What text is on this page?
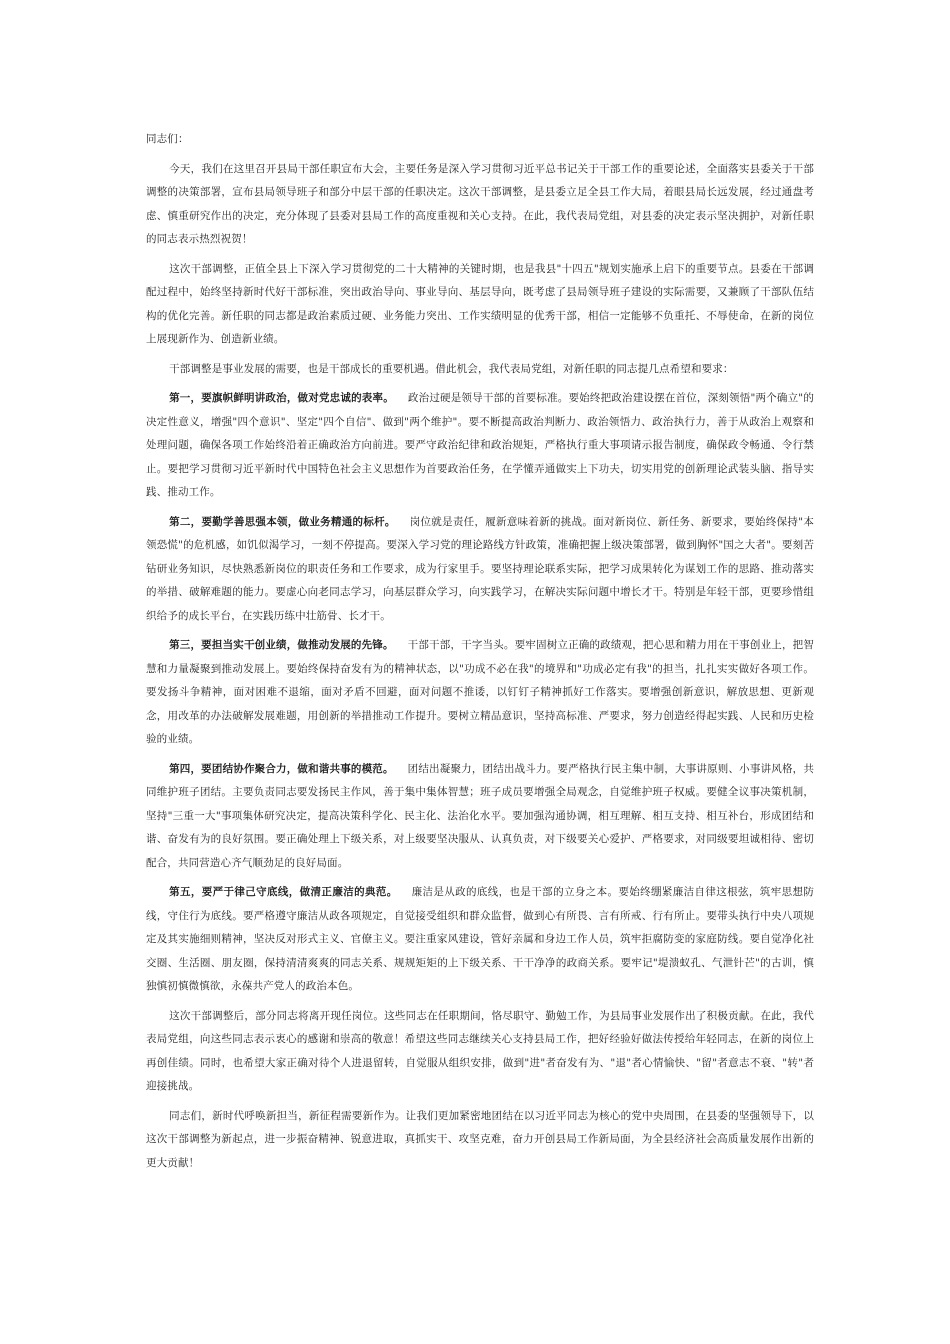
同志们：

今天，我们在这里召开县局干部任职宣布大会，主要任务是深入学习贯彻习近平总书记关于干部工作的重要论述，全面落实县委关于干部调整的决策部署，宣布县局领导班子和部分中层干部的任职决定。这次干部调整，是县委立足全县工作大局，着眼县局长远发展，经过通盘考虑、慎重研究作出的决定，充分体现了县委对县局工作的高度重视和关心支持。在此，我代表局党组，对县委的决定表示坚决拥护，对新任职的同志表示热烈祝贺！

这次干部调整，正值全县上下深入学习贯彻党的二十大精神的关键时期，也是我县"十四五"规划实施承上启下的重要节点。县委在干部调配过程中，始终坚持新时代好干部标准，突出政治导向、事业导向、基层导向，既考虑了县局领导班子建设的实际需要，又兼顾了干部队伍结构的优化完善。新任职的同志都是政治素质过硬、业务能力突出、工作实绩明显的优秀干部，相信一定能够不负重托、不辱使命，在新的岗位上展现新作为、创造新业绩。

干部调整是事业发展的需要，也是干部成长的重要机遇。借此机会，我代表局党组，对新任职的同志提几点希望和要求：

第一，要旗帜鲜明讲政治，做对党忠诚的表率。 政治过硬是领导干部的首要标准。要始终把政治建设摆在首位，深刻领悟"两个确立"的决定性意义，增强"四个意识"、坚定"四个自信"、做到"两个维护"。要不断提高政治判断力、政治领悟力、政治执行力，善于从政治上观察和处理问题，确保各项工作始终沿着正确政治方向前进。要严守政治纪律和政治规矩，严格执行重大事项请示报告制度，确保政令畅通、令行禁止。要把学习贯彻习近平新时代中国特色社会主义思想作为首要政治任务，在学懂弄通做实上下功夫，切实用党的创新理论武装头脑、指导实践、推动工作。

第二，要勤学善思强本领，做业务精通的标杆。 岗位就是责任，履新意味着新的挑战。面对新岗位、新任务、新要求，要始终保持"本领恐慌"的危机感，如饥似渴学习，一刻不停提高。要深入学习党的理论路线方针政策，准确把握上级决策部署，做到胸怀"国之大者"。要刻苦钻研业务知识，尽快熟悉新岗位的职责任务和工作要求，成为行家里手。要坚持理论联系实际，把学习成果转化为谋划工作的思路、推动落实的举措、破解难题的能力。要虚心向老同志学习，向基层群众学习，向实践学习，在解决实际问题中增长才干。特别是年轻干部，更要珍惜组织给予的成长平台，在实践历练中壮筋骨、长才干。

第三，要担当实干创业绩，做推动发展的先锋。 干部干部，干字当头。要牢固树立正确的政绩观，把心思和精力用在干事创业上，把智慧和力量凝聚到推动发展上。要始终保持奋发有为的精神状态，以"功成不必在我"的境界和"功成必定有我"的担当，扎扎实实做好各项工作。要发扬斗争精神，面对困难不退缩，面对矛盾不回避，面对问题不推诿，以钉钉子精神抓好工作落实。要增强创新意识，解放思想、更新观念，用改革的办法破解发展难题，用创新的举措推动工作提升。要树立精品意识，坚持高标准、严要求，努力创造经得起实践、人民和历史检验的业绩。

第四，要团结协作聚合力，做和谐共事的模范。 团结出凝聚力，团结出战斗力。要严格执行民主集中制，大事讲原则、小事讲风格，共同维护班子团结。主要负责同志要发扬民主作风，善于集中集体智慧；班子成员要增强全局观念，自觉维护班子权威。要健全议事决策机制，坚持"三重一大"事项集体研究决定，提高决策科学化、民主化、法治化水平。要加强沟通协调，相互理解、相互支持、相互补台，形成团结和谐、奋发有为的良好氛围。要正确处理上下级关系，对上级要坚决服从、认真负责，对下级要关心爱护、严格要求，对同级要坦诚相待、密切配合，共同营造心齐气顺劲足的良好局面。

第五，要严于律己守底线，做清正廉洁的典范。 廉洁是从政的底线，也是干部的立身之本。要始终绷紧廉洁自律这根弦，筑牢思想防线，守住行为底线。要严格遵守廉洁从政各项规定，自觉接受组织和群众监督，做到心有所畏、言有所戒、行有所止。要带头执行中央八项规定及其实施细则精神，坚决反对形式主义、官僚主义。要注重家风建设，管好亲属和身边工作人员，筑牢拒腐防变的家庭防线。要自觉净化社交圈、生活圈、朋友圈，保持清清爽爽的同志关系、规规矩矩的上下级关系、干干净净的政商关系。要牢记"堤溃蚁孔、气泄针芒"的古训，慎独慎初慎微慎欲，永葆共产党人的政治本色。

这次干部调整后，部分同志将离开现任岗位。这些同志在任职期间，恪尽职守、勤勉工作，为县局事业发展作出了积极贡献。在此，我代表局党组，向这些同志表示衷心的感谢和崇高的敬意！希望这些同志继续关心支持县局工作，把好经验好做法传授给年轻同志，在新的岗位上再创佳绩。同时，也希望大家正确对待个人进退留转，自觉服从组织安排，做到"进"者奋发有为、"退"者心情愉快、"留"者意志不衰、"转"者迎接挑战。

同志们，新时代呼唤新担当，新征程需要新作为。让我们更加紧密地团结在以习近平同志为核心的党中央周围，在县委的坚强领导下，以这次干部调整为新起点，进一步振奋精神、锐意进取，真抓实干、攻坚克难，奋力开创县局工作新局面，为全县经济社会高质量发展作出新的更大贡献！
